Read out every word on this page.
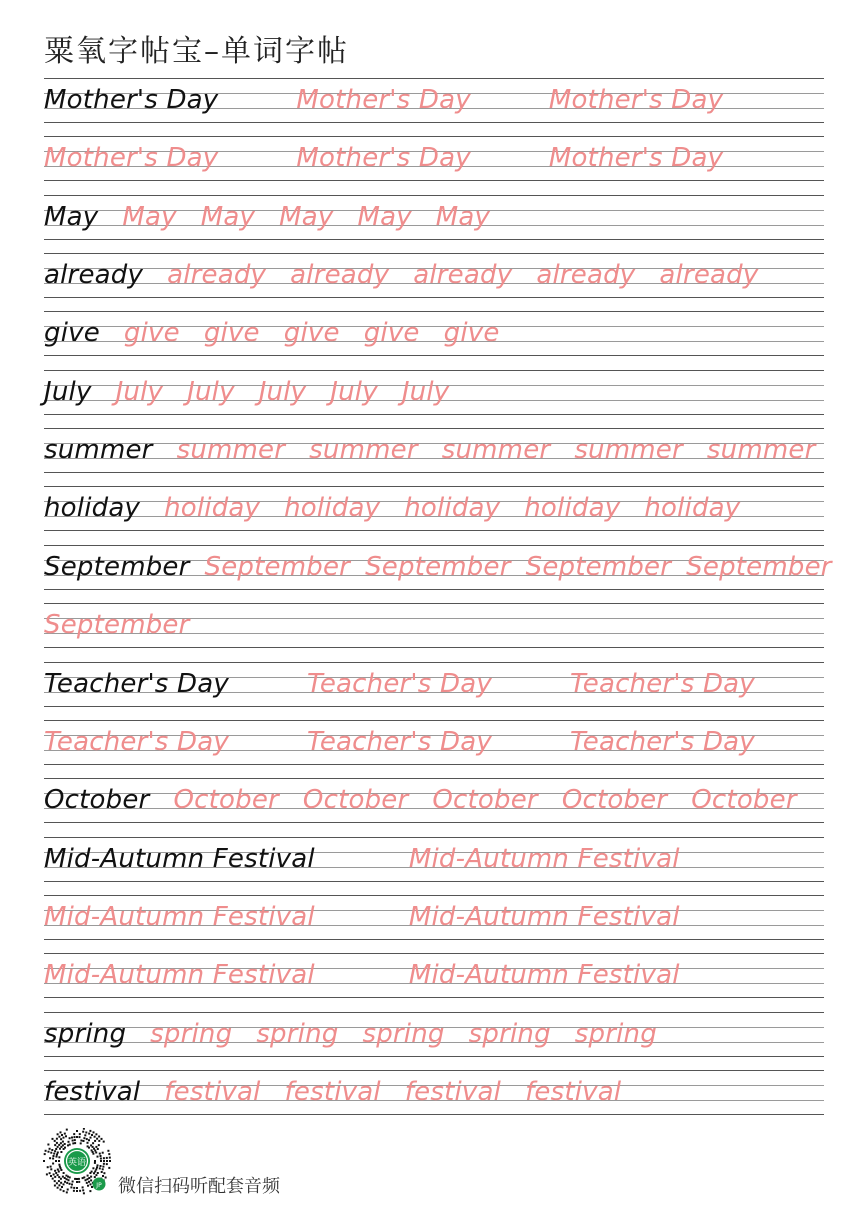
粟氧字帖宝–单词字帖
Mother's Day	Mother's Day	Mother's Day
Mother's Day	Mother's Day	Mother's Day
May May May May May May
already already already already already already
give give give give give give
July July July July July July
summer summer summer summer summer summer
holiday holiday holiday holiday holiday holiday
September September September September September
September
Teacher's Day	Teacher's Day	Teacher's Day
Teacher's Day	Teacher's Day	Teacher's Day
October October October October October October
Mid-Autumn Festival	Mid-Autumn Festival
Mid-Autumn Festival	Mid-Autumn Festival
Mid-Autumn Festival	Mid-Autumn Festival
spring spring spring spring spring spring
festival festival festival festival festival
英语
JP 微信扫码听配套音频
